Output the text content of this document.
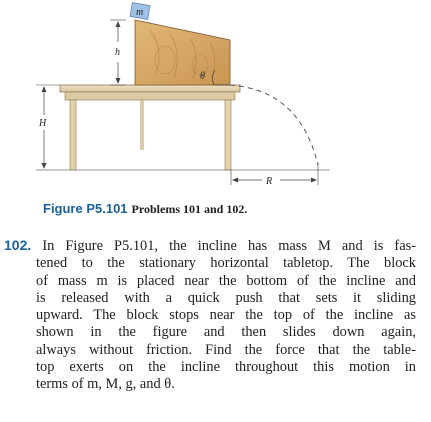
m
θ
h
H
R
Figure P5.101 Problems 101 and 102.
102. In Figure P5.101, the incline has mass M and is fas-
tened to the stationary horizontal tabletop. The block
of mass m is placed near the bottom of the incline and
is released with a quick push that sets it sliding
upward. The block stops near the top of the incline as
shown in the figure and then slides down again,
always without friction. Find the force that the table-
top exerts on the incline throughout this motion in
terms of m, M, g, and θ.
